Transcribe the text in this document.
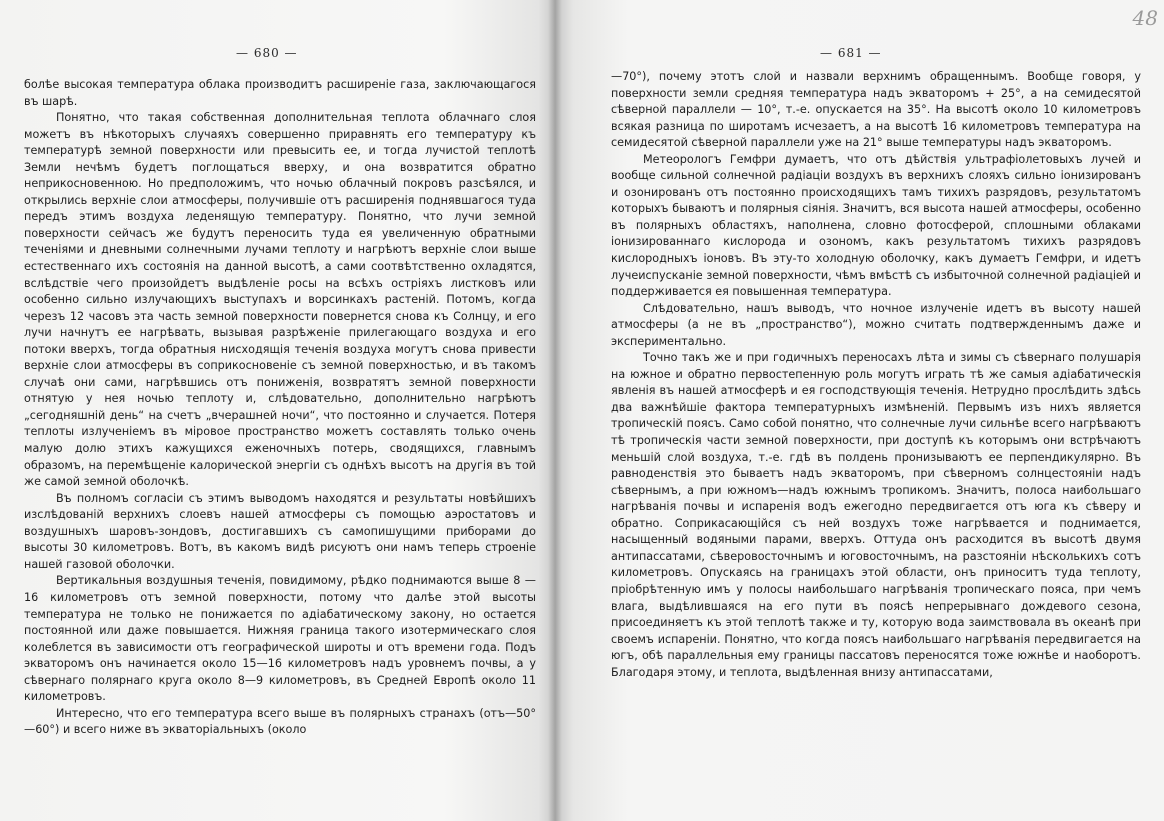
— 680 —

болѣе высокая температура облака производитъ расширеніе газа, заключающагося въ шарѣ.

Понятно, что такая собственная дополнительная теплота облачнаго слоя можетъ въ нѣкоторыхъ случаяхъ совершенно приравнять его температуру къ температурѣ земной поверхности или превысить ее, и тогда лучистой теплотѣ Земли нечѣмъ будетъ поглощаться вверху, и она возвратится обратно неприкосновенною. Но предположимъ, что ночью облачный покровъ разсѣялся, и открылись верхніе слои атмосферы, получившіе отъ расширенія поднявшагося туда передъ этимъ воздуха леденящую температуру. Понятно, что лучи земной поверхности сейчасъ же будутъ переносить туда ея увеличенную обратными теченіями и дневными солнечными лучами теплоту и нагрѣютъ верхніе слои выше естественнаго ихъ состоянія на данной высотѣ, а сами соотвѣтственно охладятся, вслѣдствіе чего произойдетъ выдѣленіе росы на всѣхъ остріяхъ листковъ или особенно сильно излучающихъ выступахъ и ворсинкахъ растеній. Потомъ, когда черезъ 12 часовъ эта часть земной поверхности повернется снова къ Солнцу, и его лучи начнутъ ее нагрѣвать, вызывая разрѣженіе прилегающаго воздуха и его потоки вверхъ, тогда обратныя нисходящія теченія воздуха могутъ снова привести верхніе слои атмосферы въ соприкосновеніе съ земной поверхностью, и въ такомъ случаѣ они сами, нагрѣвшись отъ пониженія, возвратятъ земной поверхности отнятую у нея ночью теплоту и, слѣдовательно, дополнительно нагрѣютъ „сегодняшній день“ на счетъ „вчерашней ночи“, что постоянно и случается. Потеря теплоты излученіемъ въ міровое пространство можетъ составлять только очень малую долю этихъ кажущихся еженочныхъ потерь, сводящихся, главнымъ образомъ, на перемѣщеніе калорической энергіи съ однѣхъ высотъ на другія въ той же самой земной оболочкѣ.

Въ полномъ согласіи съ этимъ выводомъ находятся и результаты новѣйшихъ изслѣдованій верхнихъ слоевъ нашей атмосферы съ помощью аэростатовъ и воздушныхъ шаровъ-зондовъ, достигавшихъ съ самопишущими приборами до высоты 30 километровъ. Вотъ, въ какомъ видѣ рисуютъ они намъ теперь строеніе нашей газовой оболочки.

Вертикальныя воздушныя теченія, повидимому, рѣдко поднимаются выше 8 — 16 километровъ отъ земной поверхности, потому что далѣе этой высоты температура не только не понижается по адіабатическому закону, но остается постоянной или даже повышается. Нижняя граница такого изотермическаго слоя колеблется въ зависимости отъ географической широты и отъ времени года. Подъ экваторомъ онъ начинается около 15—16 километровъ надъ уровнемъ почвы, а у сѣвернаго полярнаго круга около 8—9 километровъ, въ Средней Европѣ около 11 километровъ.

Интересно, что его температура всего выше въ полярныхъ странахъ (отъ—50°—60°) и всего ниже въ экваторіальныхъ (около

— 681 —
48

—70°), почему этотъ слой и назвали верхнимъ обращеннымъ. Вообще говоря, у поверхности земли средняя температура надъ экваторомъ + 25°, а на семидесятой сѣверной параллели — 10°, т.-е. опускается на 35°. На высотѣ около 10 километровъ всякая разница по широтамъ исчезаетъ, а на высотѣ 16 километровъ температура на семидесятой сѣверной параллели уже на 21° выше температуры надъ экваторомъ.

Метеорологъ Гемфри думаетъ, что отъ дѣйствія ультрафіолетовыхъ лучей и вообще сильной солнечной радіаціи воздухъ въ верхнихъ слояхъ сильно іонизированъ и озонированъ отъ постоянно происходящихъ тамъ тихихъ разрядовъ, результатомъ которыхъ бываютъ и полярныя сіянія. Значитъ, вся высота нашей атмосферы, особенно въ полярныхъ областяхъ, наполнена, словно фотосферой, сплошными облаками іонизированнаго кислорода и озономъ, какъ результатомъ тихихъ разрядовъ кислородныхъ іоновъ. Въ эту-то холодную оболочку, какъ думаетъ Гемфри, и идетъ лучеиспусканіе земной поверхности, чѣмъ вмѣстѣ съ избыточной солнечной радіаціей и поддерживается ея повышенная температура.

Слѣдовательно, нашъ выводъ, что ночное излученіе идетъ въ высоту нашей атмосферы (а не въ „пространство“), можно считать подтвержденнымъ даже и экспериментально.

Точно такъ же и при годичныхъ переносахъ лѣта и зимы съ сѣвернаго полушарія на южное и обратно первостепенную роль могутъ играть тѣ же самыя адіабатическія явленія въ нашей атмосферѣ и ея господствующія теченія. Нетрудно прослѣдить здѣсь два важнѣйшіе фактора температурныхъ измѣненій. Первымъ изъ нихъ является тропическій поясъ. Само собой понятно, что солнечные лучи сильнѣе всего нагрѣваютъ тѣ тропическія части земной поверхности, при доступѣ къ которымъ они встрѣчаютъ меньшій слой воздуха, т.-е. гдѣ въ полдень пронизываютъ ее перпендикулярно. Въ равноденствія это бываетъ надъ экваторомъ, при сѣверномъ солнцестояніи надъ сѣвернымъ, а при южномъ—надъ южнымъ тропикомъ. Значитъ, полоса наибольшаго нагрѣванія почвы и испаренія водъ ежегодно передвигается отъ юга къ сѣверу и обратно. Соприкасающійся съ ней воздухъ тоже нагрѣвается и поднимается, насыщенный водяными парами, вверхъ. Оттуда онъ расходится въ высотѣ двумя антипассатами, сѣверовосточнымъ и юговосточнымъ, на разстояніи нѣсколькихъ сотъ километровъ. Опускаясь на границахъ этой области, онъ приноситъ туда теплоту, пріобрѣтенную имъ у полосы наибольшаго нагрѣванія тропическаго пояса, при чемъ влага, выдѣлившаяся на его пути въ поясѣ непрерывнаго дождевого сезона, присоединяетъ къ этой теплотѣ также и ту, которую вода заимствовала въ океанѣ при своемъ испареніи. Понятно, что когда поясъ наибольшаго нагрѣванія передвигается на югъ, обѣ параллельныя ему границы пассатовъ переносятся тоже южнѣе и наоборотъ. Благодаря этому, и теплота, выдѣленная внизу антипассатами,
